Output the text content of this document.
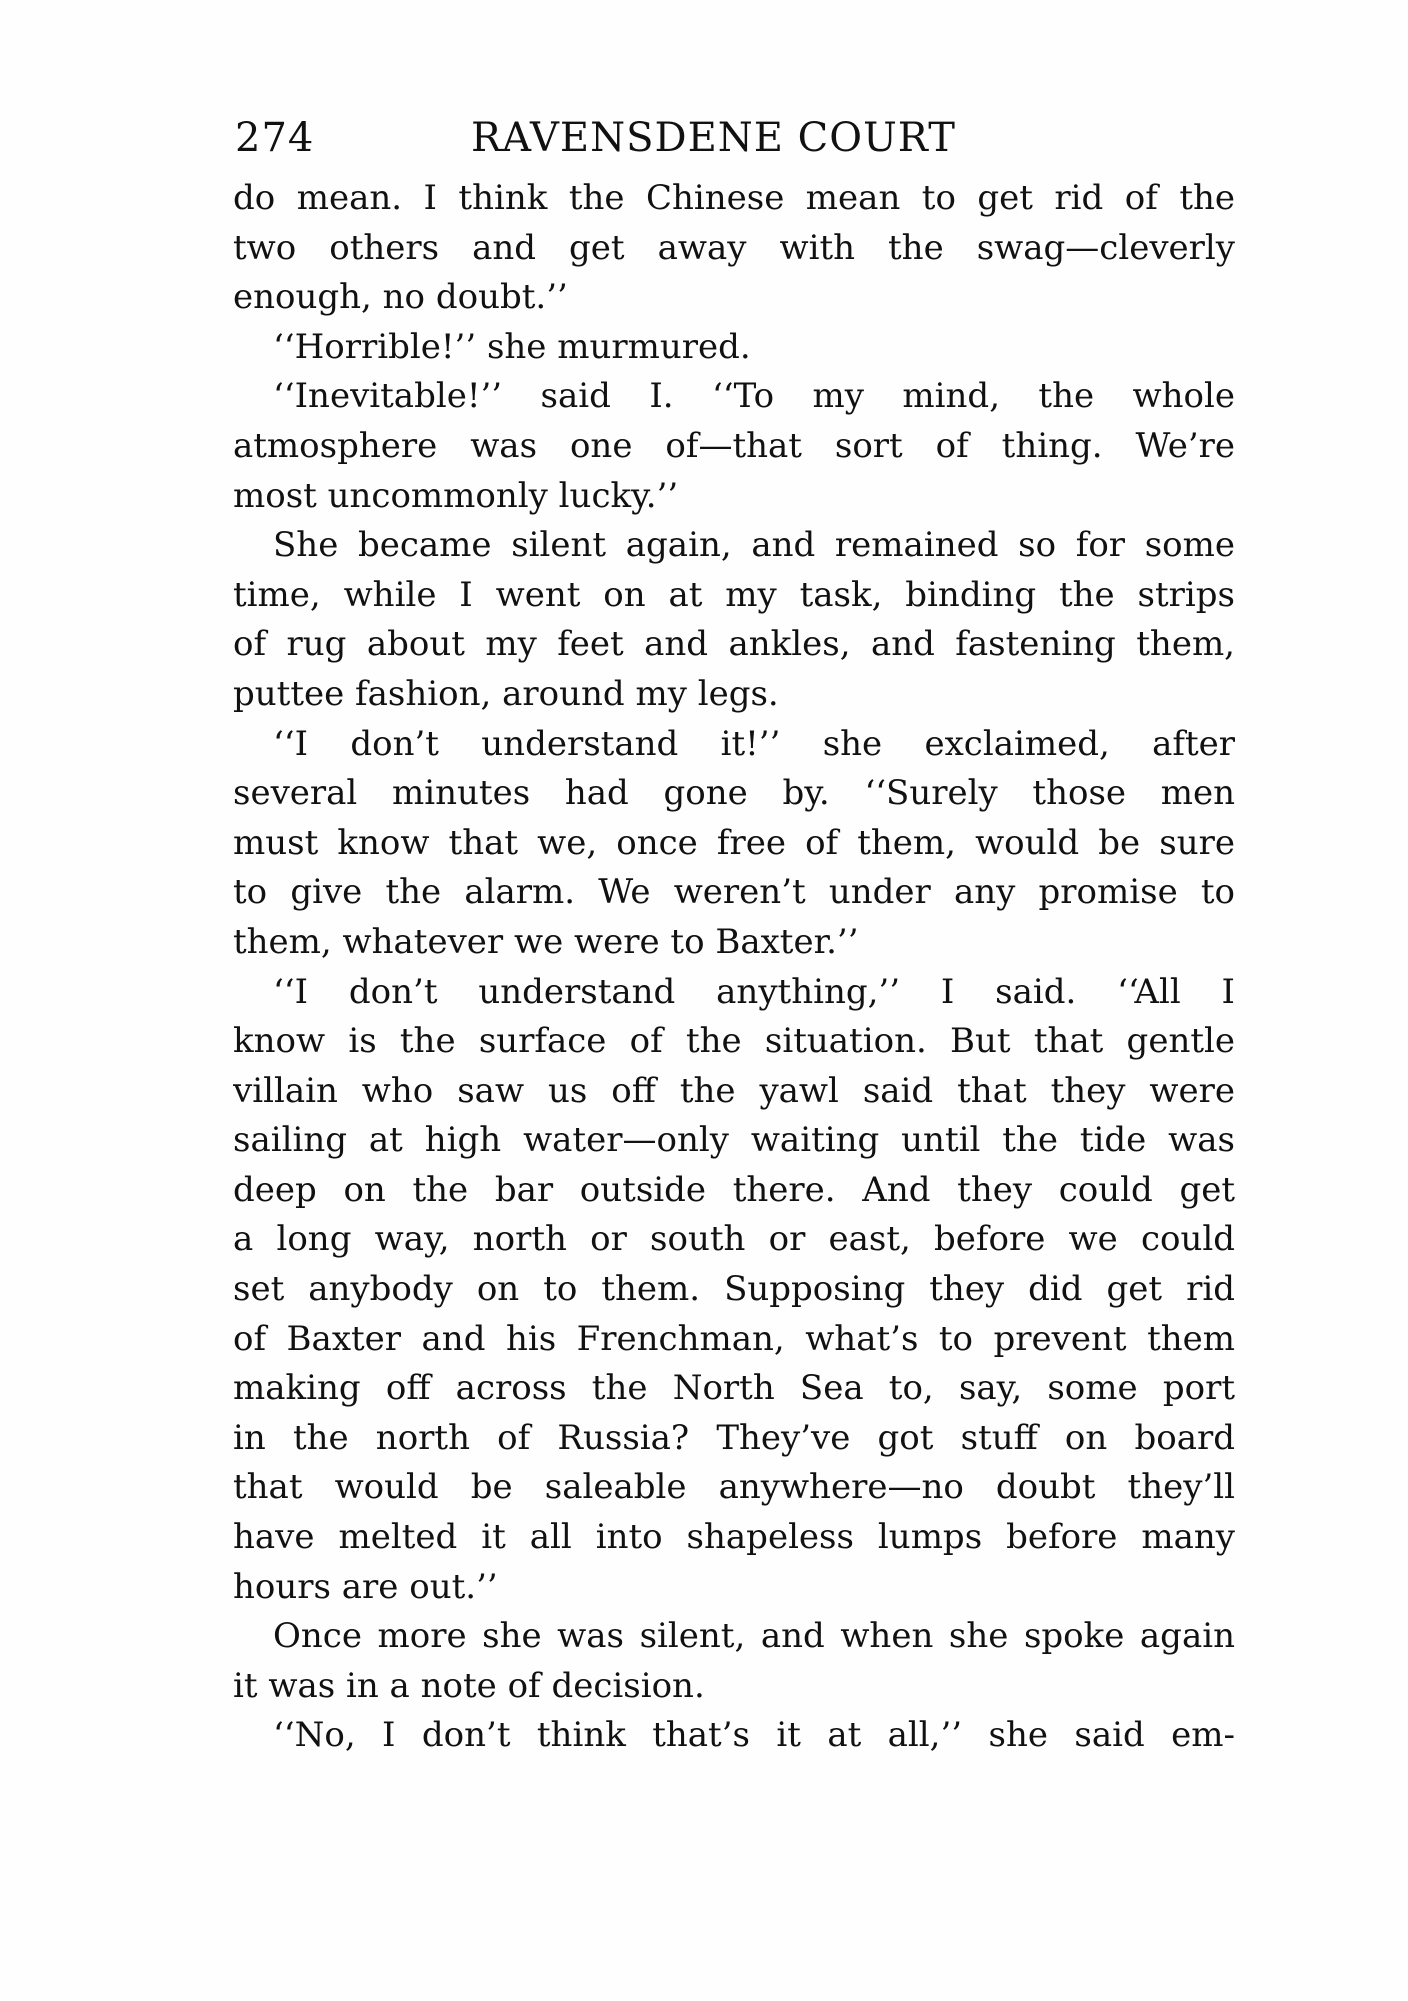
274	RAVENSDENE COURT
do mean. I think the Chinese mean to get rid of the
two others and get away with the swag—cleverly
enough, no doubt.’’
‘‘Horrible!’’ she murmured.
‘‘Inevitable!’’ said I. ‘‘To my mind, the whole
atmosphere was one of—that sort of thing. We’re
most uncommonly lucky.’’
She became silent again, and remained so for some
time, while I went on at my task, binding the strips
of rug about my feet and ankles, and fastening them,
puttee fashion, around my legs.
‘‘I don’t understand it!’’ she exclaimed, after
several minutes had gone by. ‘‘Surely those men
must know that we, once free of them, would be sure
to give the alarm. We weren’t under any promise to
them, whatever we were to Baxter.’’
‘‘I don’t understand anything,’’ I said. ‘‘All I
know is the surface of the situation. But that gentle
villain who saw us off the yawl said that they were
sailing at high water—only waiting until the tide was
deep on the bar outside there. And they could get
a long way, north or south or east, before we could
set anybody on to them. Supposing they did get rid
of Baxter and his Frenchman, what’s to prevent them
making off across the North Sea to, say, some port
in the north of Russia? They’ve got stuff on board
that would be saleable anywhere—no doubt they’ll
have melted it all into shapeless lumps before many
hours are out.’’
Once more she was silent, and when she spoke again
it was in a note of decision.
‘‘No, I don’t think that’s it at all,’’ she said em-
